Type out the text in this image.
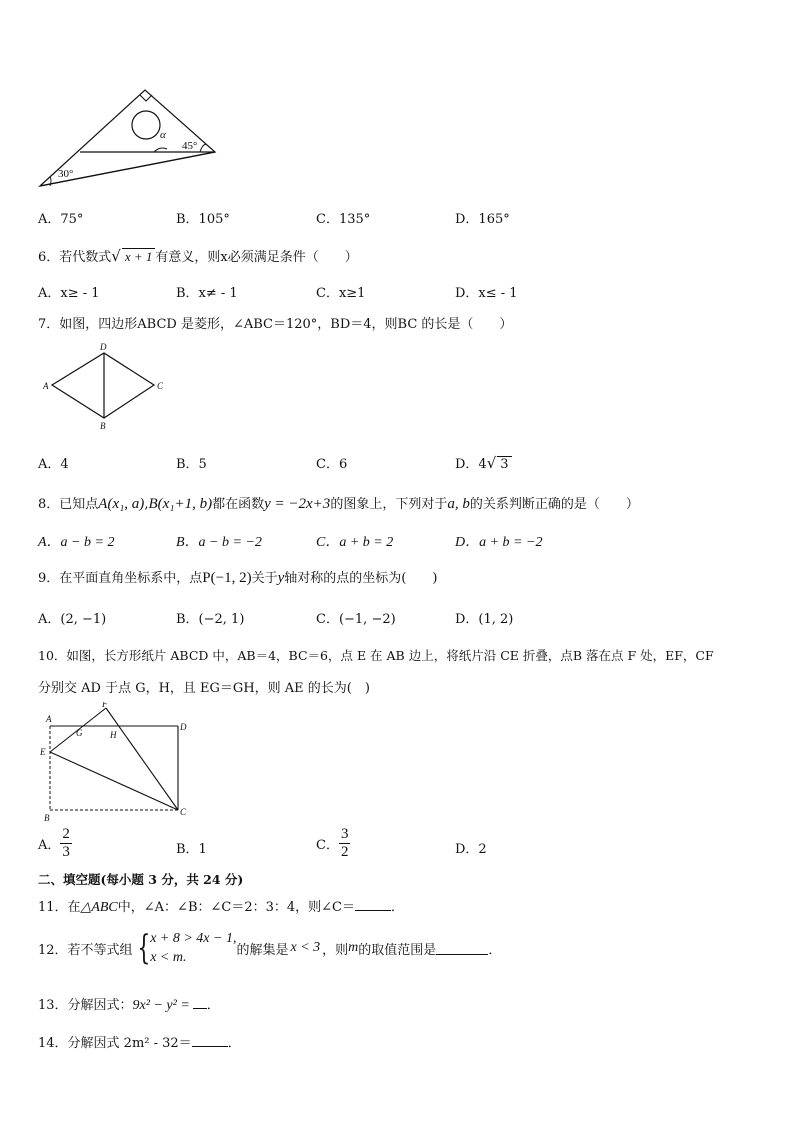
α
45°
30°
A．75°	B．105°	C．135°	D．165°
6．若代数式√ x + 1 有意义，则x必须满足条件（　　）
A．x≥ - 1	B．x≠ - 1	C．x≥1	D．x≤ - 1
7．如图，四边形ABCD 是菱形，∠ABC＝120°，BD＝4，则BC 的长是（　　）
A
D
C
B
A．4	B．5	C．6	D．4√ 3
8．已知点A(x₁, a),B(x₁+1, b)都在函数y = −2x+3的图象上，下列对于a, b的关系判断正确的是（　　）
A．a − b = 2	B．a − b = −2	C．a + b = 2	D．a + b = −2
9．在平面直角坐标系中，点P(−1, 2)关于y轴对称的点的坐标为(　　)
A．(2, −1)	B．(−2, 1)	C．(−1, −2)	D．(1, 2)
10．如图，长方形纸片 ABCD 中，AB＝4，BC＝6，点 E 在 AB 边上，将纸片沿 CE 折叠，点B 落在点 F 处，EF，CF
分别交 AD 于点 G，H，且 EG＝GH，则 AE 的长为(　)
A
F
D
G	H
E
B
C
A． $\frac{2}{3}$	B．1	C． $\frac{3}{2}$	D．2
二、填空题(每小题 3 分，共 24 分)
11．在△ABC中，∠A：∠B：∠C＝2：3：4，则∠C＝	．
12．若不等式组 { x + 8 > 4x − 1,
x < m.	的解集是 x < 3 ，则 m 的取值范围是	．
13．分解因式：9x² − y² = ．
14．分解因式 2m² - 32＝	．
